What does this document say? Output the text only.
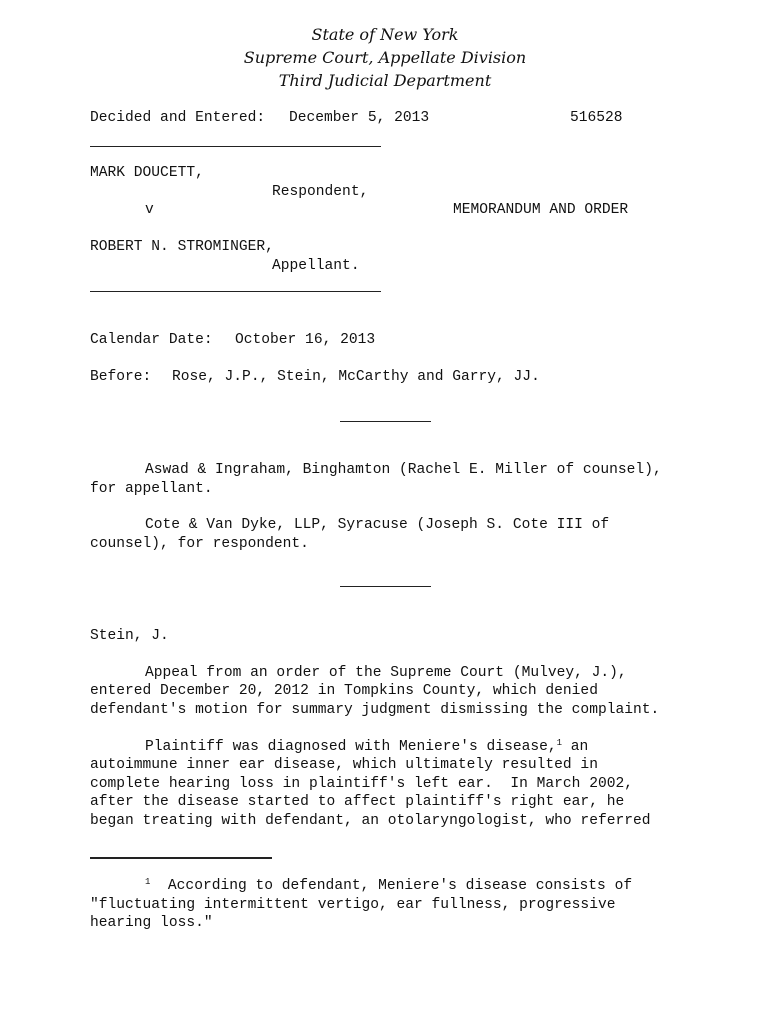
State of New York
Supreme Court, Appellate Division
Third Judicial Department
Decided and Entered: December 5, 2013	516528
MARK DOUCETT,
Respondent,
v	MEMORANDUM AND ORDER
ROBERT N. STROMINGER,
Appellant.
Calendar Date: October 16, 2013
Before: Rose, J.P., Stein, McCarthy and Garry, JJ.
Aswad & Ingraham, Binghamton (Rachel E. Miller of counsel),
for appellant.
Cote & Van Dyke, LLP, Syracuse (Joseph S. Cote III of
counsel), for respondent.
Stein, J.
Appeal from an order of the Supreme Court (Mulvey, J.),
entered December 20, 2012 in Tompkins County, which denied
defendant's motion for summary judgment dismissing the complaint.
Plaintiff was diagnosed with Meniere's disease,$^1$ an
autoimmune inner ear disease, which ultimately resulted in
complete hearing loss in plaintiff's left ear.  In March 2002,
after the disease started to affect plaintiff's right ear, he
began treating with defendant, an otolaryngologist, who referred
$^1$ According to defendant, Meniere's disease consists of
"fluctuating intermittent vertigo, ear fullness, progressive
hearing loss."
